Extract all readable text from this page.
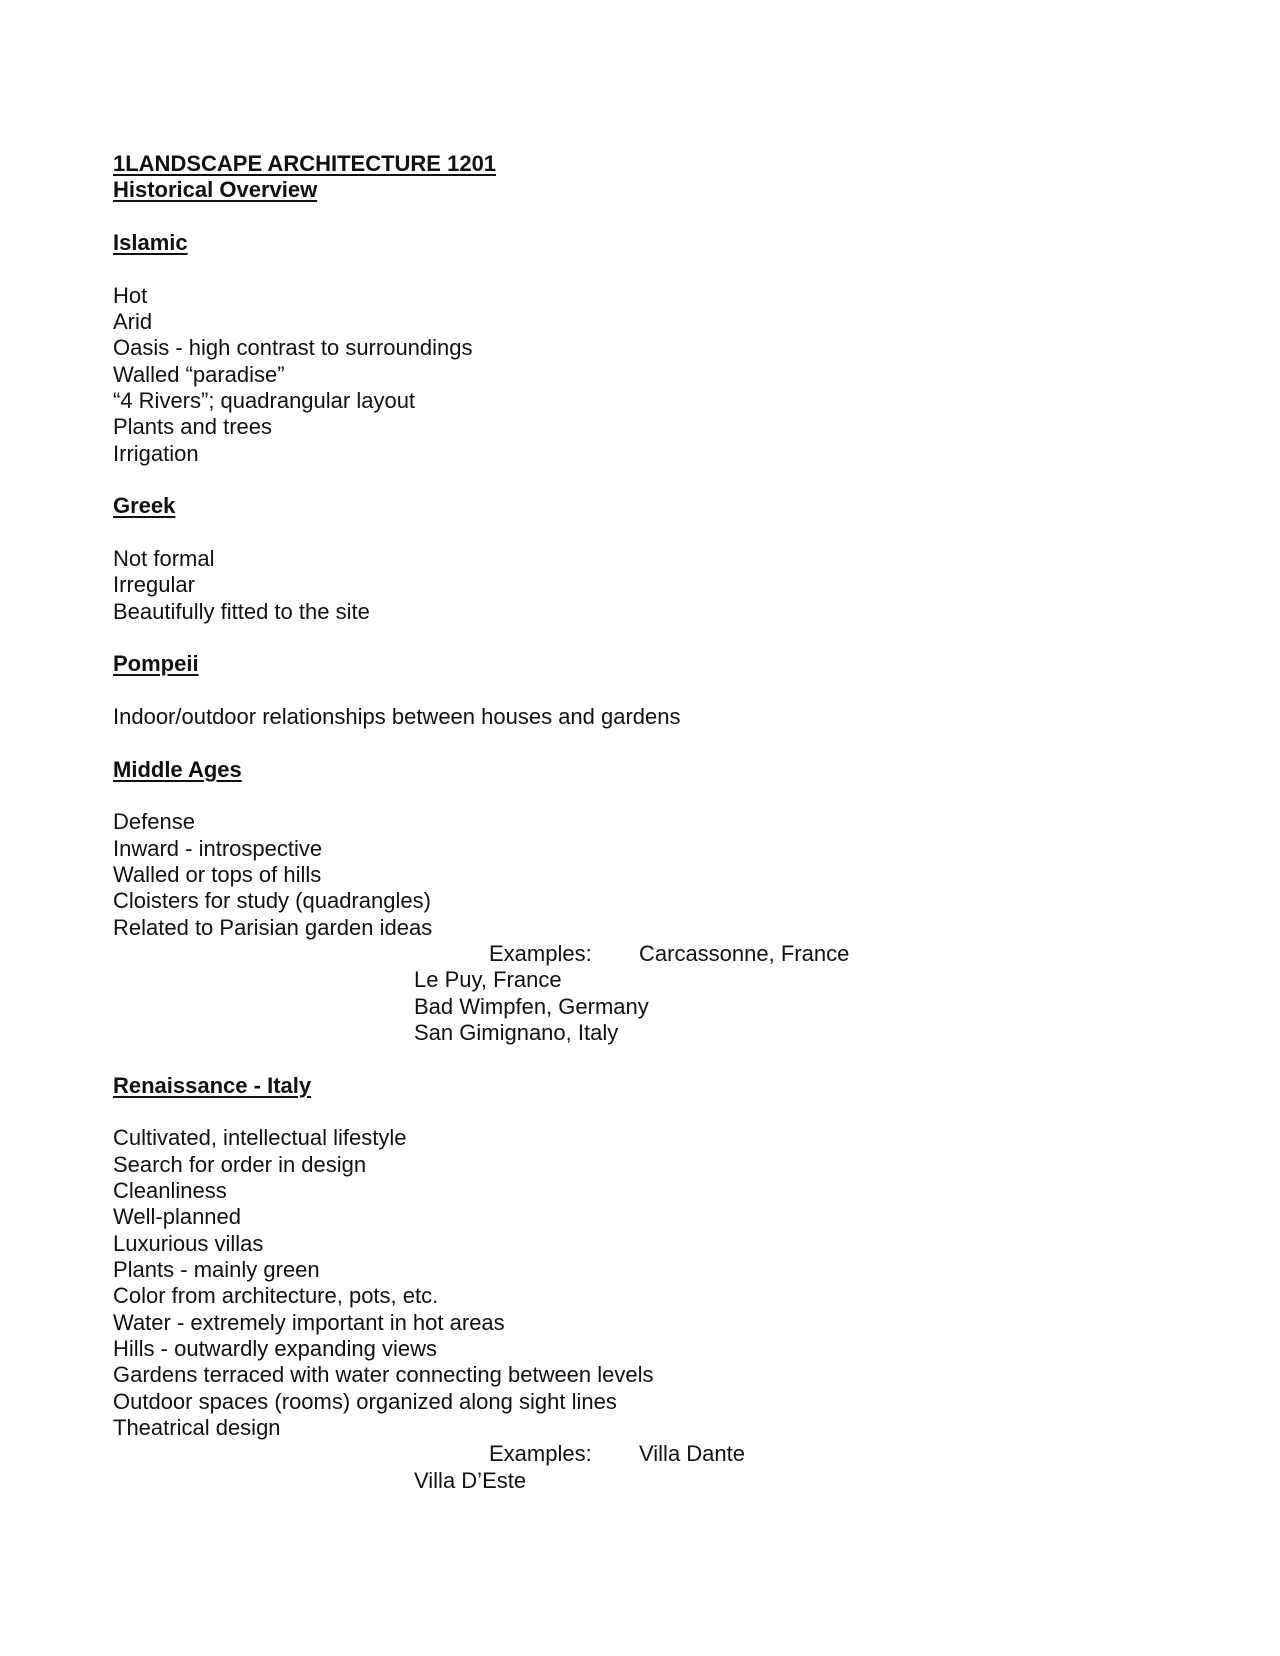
1LANDSCAPE ARCHITECTURE 1201
Historical Overview
Islamic
Hot
Arid
Oasis - high contrast to surroundings
Walled “paradise”
“4 Rivers”; quadrangular layout
Plants and trees
Irrigation
Greek
Not formal
Irregular
Beautifully fitted to the site
Pompeii
Indoor/outdoor relationships between houses and gardens
Middle Ages
Defense
Inward - introspective
Walled or tops of hills
Cloisters for study (quadrangles)
Related to Parisian garden ideas
Examples: Carcassonne, France
Le Puy, France
Bad Wimpfen, Germany
San Gimignano, Italy
Renaissance - Italy
Cultivated, intellectual lifestyle
Search for order in design
Cleanliness
Well-planned
Luxurious villas
Plants - mainly green
Color from architecture, pots, etc.
Water - extremely important in hot areas
Hills - outwardly expanding views
Gardens terraced with water connecting between levels
Outdoor spaces (rooms) organized along sight lines
Theatrical design
Examples: Villa Dante
Villa D’Este
